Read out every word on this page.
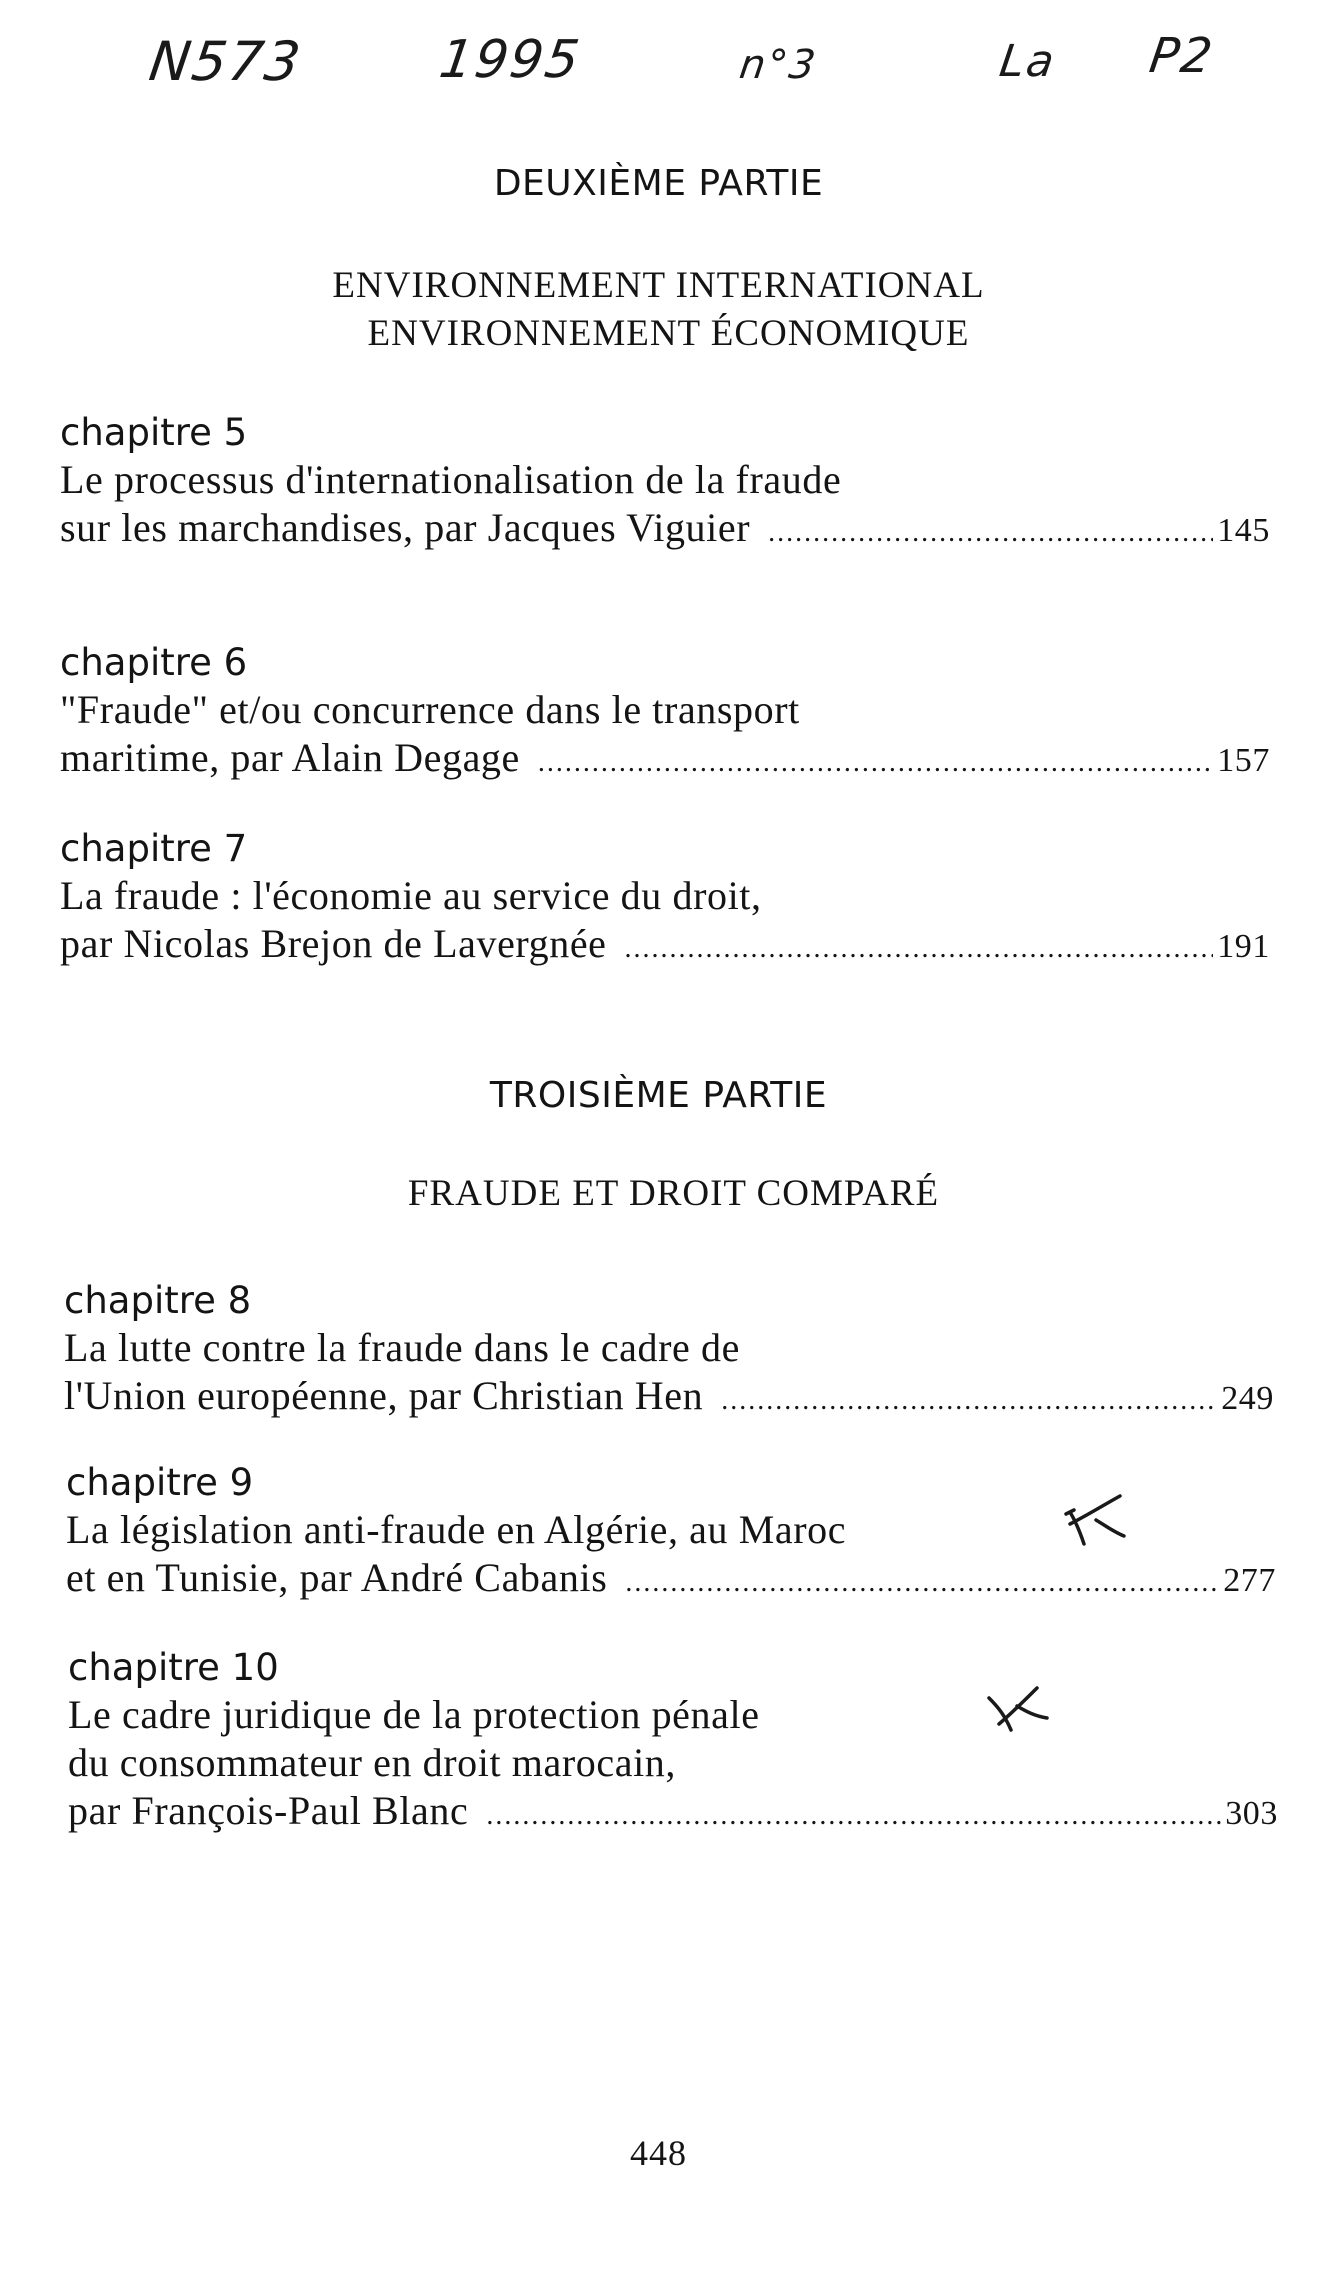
N573 1995	n°3	La P2
DEUXIÈME PARTIE
ENVIRONNEMENT INTERNATIONAL
ENVIRONNEMENT ÉCONOMIQUE
chapitre 5
Le processus d'internationalisation de la fraude
sur les marchandises, par Jacques Viguier .....	145
chapitre 6
"Fraude" et/ou concurrence dans le transport
maritime, par Alain Degage .....	157
chapitre 7
La fraude : l'économie au service du droit,
par Nicolas Brejon de Lavergnée .....	191
TROISIÈME PARTIE
FRAUDE ET DROIT COMPARÉ
chapitre 8
La lutte contre la fraude dans le cadre de
l'Union européenne, par Christian Hen .....	249
chapitre 9
La législation anti-fraude en Algérie, au Maroc
et en Tunisie, par André Cabanis .....	277
chapitre 10
Le cadre juridique de la protection pénale
du consommateur en droit marocain,
par François-Paul Blanc .....	303
448
